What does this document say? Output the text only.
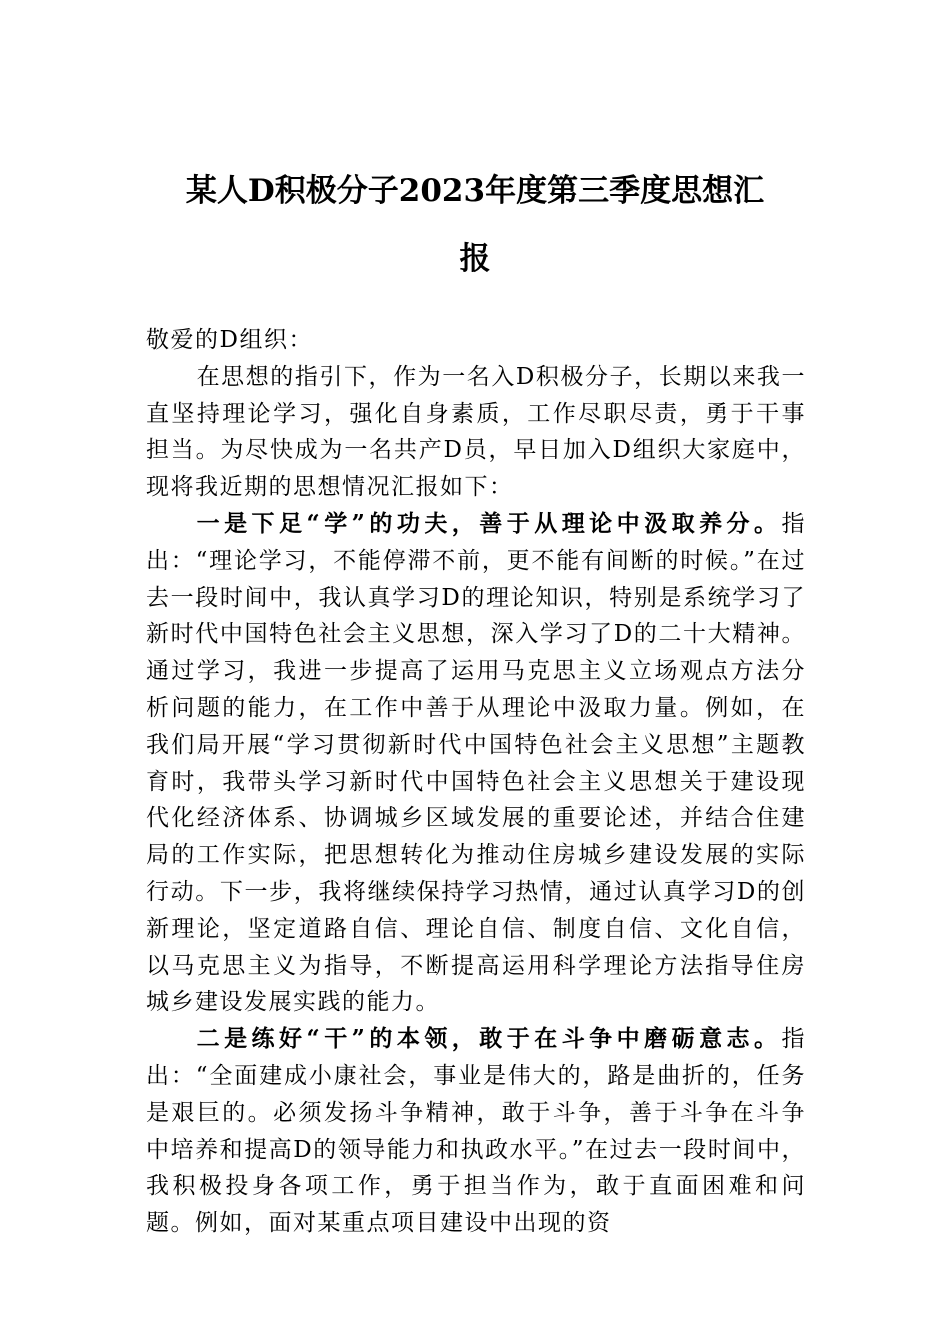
某人D积极分子2023年度第三季度思想汇
报

敬爱的D组织：

在思想的指引下，作为一名入D积极分子，长期以来我一直坚持理论学习，强化自身素质，工作尽职尽责，勇于干事担当。为尽快成为一名共产D员，早日加入D组织大家庭中，现将我近期的思想情况汇报如下：

一是下足“学”的功夫，善于从理论中汲取养分。指出：“理论学习，不能停滞不前，更不能有间断的时候。”在过去一段时间中，我认真学习D的理论知识，特别是系统学习了新时代中国特色社会主义思想，深入学习了D的二十大精神。通过学习，我进一步提高了运用马克思主义立场观点方法分析问题的能力，在工作中善于从理论中汲取力量。例如，在我们局开展“学习贯彻新时代中国特色社会主义思想”主题教育时，我带头学习新时代中国特色社会主义思想关于建设现代化经济体系、协调城乡区域发展的重要论述，并结合住建局的工作实际，把思想转化为推动住房城乡建设发展的实际行动。下一步，我将继续保持学习热情，通过认真学习D的创新理论，坚定道路自信、理论自信、制度自信、文化自信，以马克思主义为指导，不断提高运用科学理论方法指导住房城乡建设发展实践的能力。

二是练好“干”的本领，敢于在斗争中磨砺意志。指出：“全面建成小康社会，事业是伟大的，路是曲折的，任务是艰巨的。必须发扬斗争精神，敢于斗争，善于斗争在斗争中培养和提高D的领导能力和执政水平。”在过去一段时间中，我积极投身各项工作，勇于担当作为，敢于直面困难和问题。例如，面对某重点项目建设中出现的资
